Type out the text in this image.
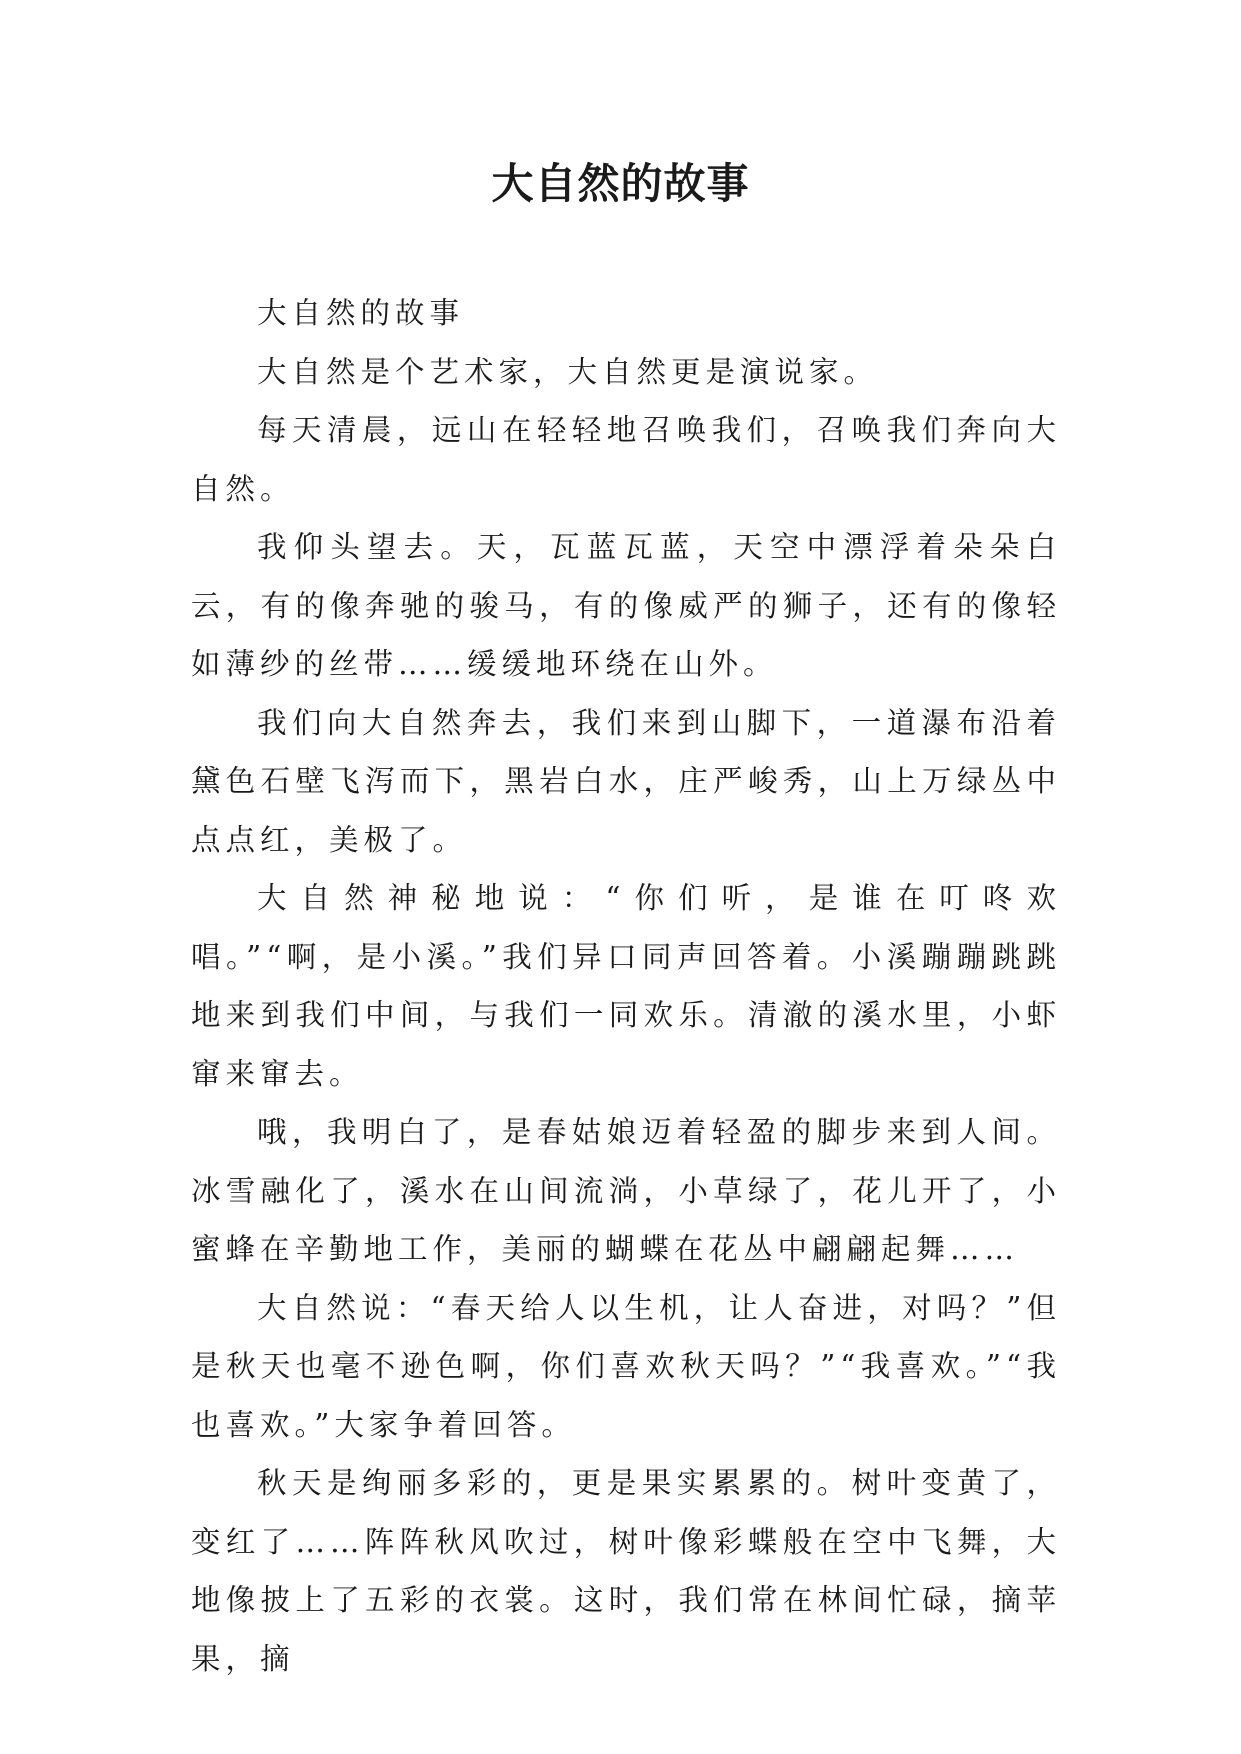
大自然的故事

大自然的故事

大自然是个艺术家，大自然更是演说家。

每天清晨，远山在轻轻地召唤我们，召唤我们奔向大自然。

我仰头望去。天，瓦蓝瓦蓝，天空中漂浮着朵朵白云，有的像奔驰的骏马，有的像威严的狮子，还有的像轻如薄纱的丝带……缓缓地环绕在山外。

我们向大自然奔去，我们来到山脚下，一道瀑布沿着黛色石壁飞泻而下，黑岩白水，庄严峻秀，山上万绿丛中点点红，美极了。

大自然神秘地说：“你们听，是谁在叮咚欢唱。”“啊，是小溪。”我们异口同声回答着。小溪蹦蹦跳跳地来到我们中间，与我们一同欢乐。清澈的溪水里，小虾窜来窜去。

哦，我明白了，是春姑娘迈着轻盈的脚步来到人间。冰雪融化了，溪水在山间流淌，小草绿了，花儿开了，小蜜蜂在辛勤地工作，美丽的蝴蝶在花丛中翩翩起舞……

大自然说：“春天给人以生机，让人奋进，对吗？”但是秋天也毫不逊色啊，你们喜欢秋天吗？”“我喜欢。”“我也喜欢。”大家争着回答。

秋天是绚丽多彩的，更是果实累累的。树叶变黄了，变红了……阵阵秋风吹过，树叶像彩蝶般在空中飞舞，大地像披上了五彩的衣裳。这时，我们常在林间忙碌，摘苹果，摘
